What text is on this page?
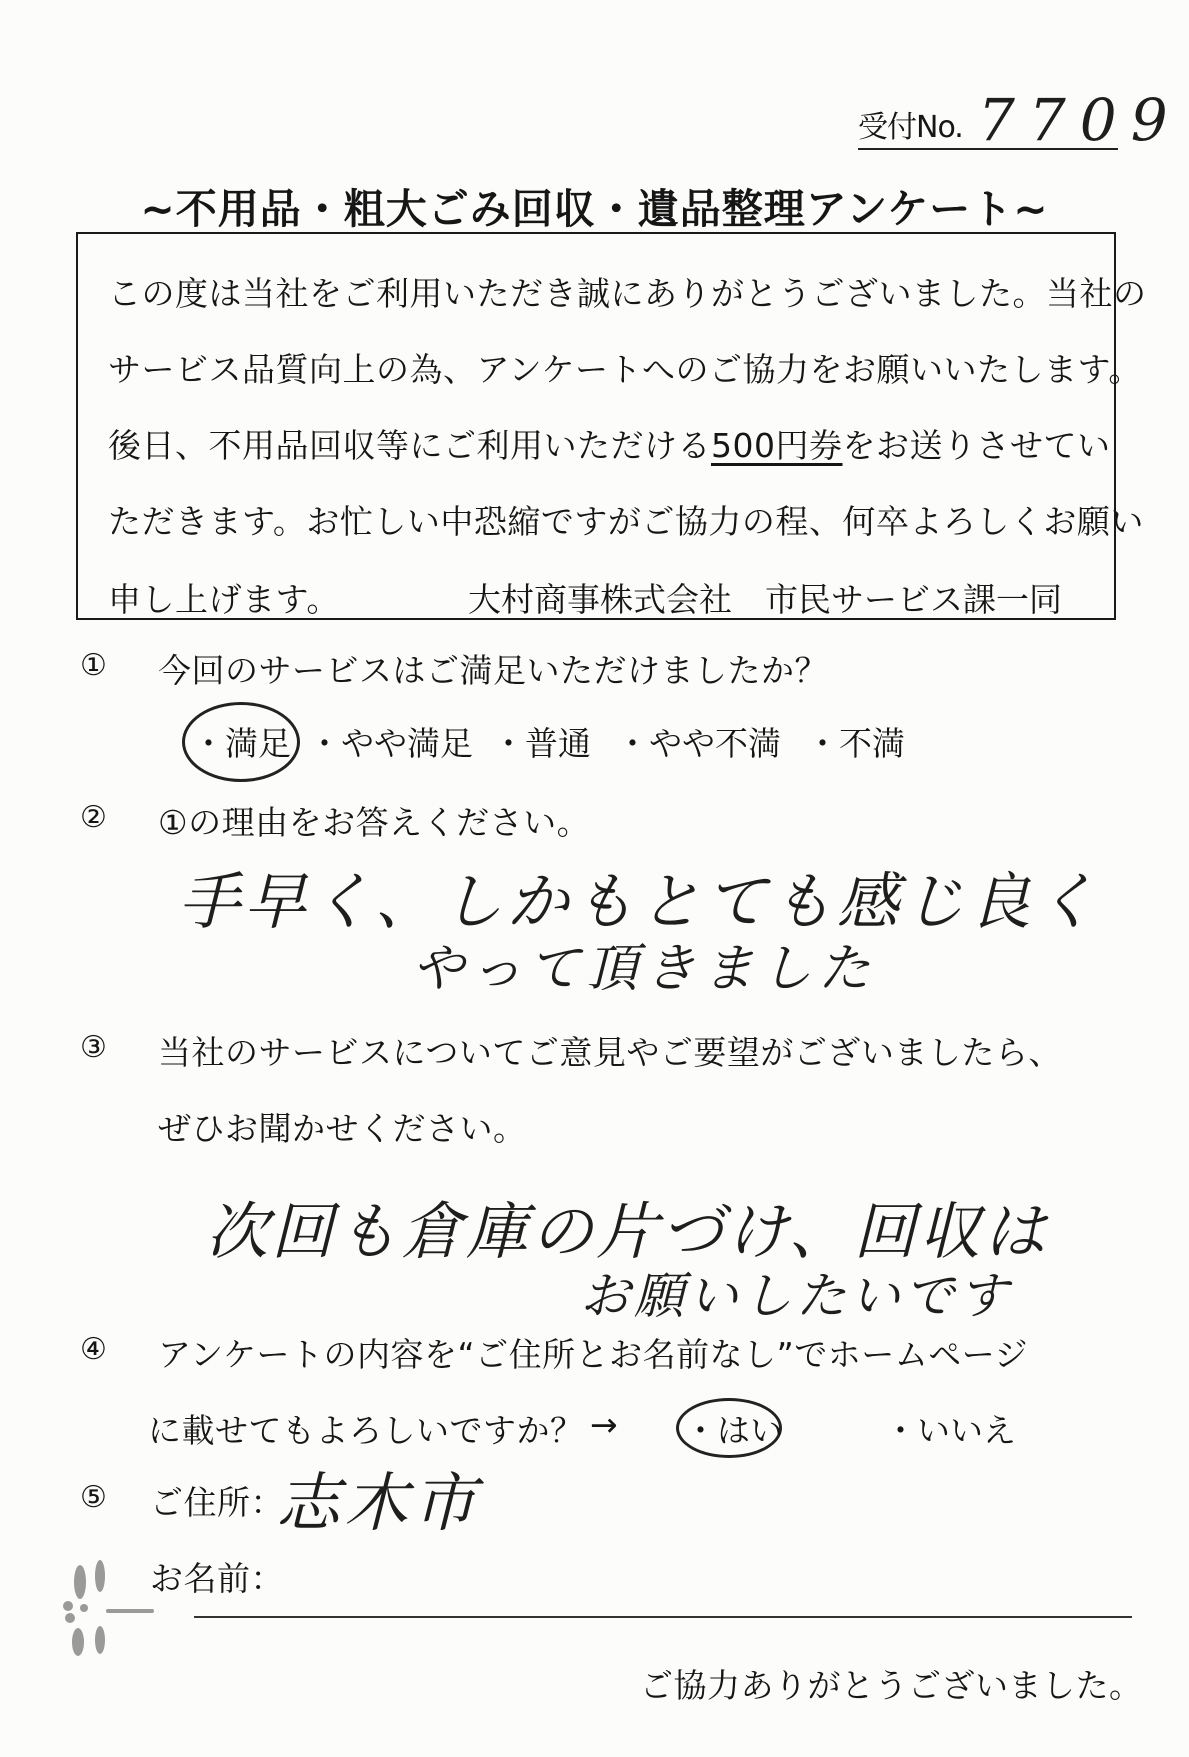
受付No. 7709
~不用品・粗大ごみ回収・遺品整理アンケート~
この度は当社をご利用いただき誠にありがとうございました。当社の
サービス品質向上の為、アンケートへのご協力をお願いいたします。
後日、不用品回収等にご利用いただける500円券をお送りさせてい
ただきます。お忙しい中恐縮ですがご協力の程、何卒よろしくお願い
申し上げます。	大村商事株式会社　市民サービス課一同
① 今回のサービスはご満足いただけましたか？
・満足 ・やや満足 ・普通 ・やや不満 ・不満
② ①の理由をお答えください。
手早く、しかもとても感じ良く
やって頂きました
③ 当社のサービスについてご意見やご要望がございましたら、
ぜひお聞かせください。
次回も倉庫の片づけ、回収は
お願いしたいです
④ アンケートの内容を“ご住所とお名前なし”でホームページ
に載せてもよろしいですか？ → ・はい	・いいえ
⑤ ご住所：
志木市
お名前：
ご協力ありがとうございました。
